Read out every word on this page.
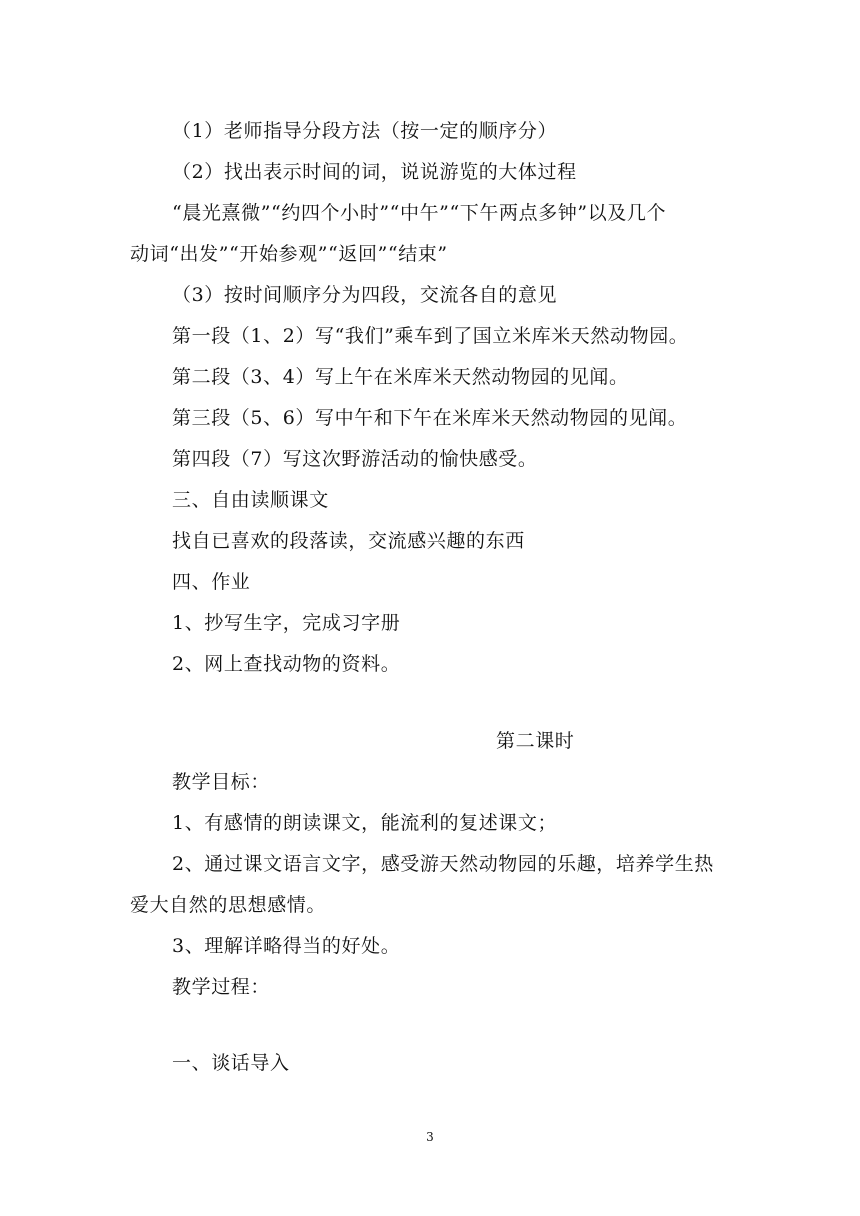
（1）老师指导分段方法（按一定的顺序分）
（2）找出表示时间的词，说说游览的大体过程
“晨光熹微”“约四个小时”“中午”“下午两点多钟”以及几个
动词“出发”“开始参观”“返回”“结束”
（3）按时间顺序分为四段，交流各自的意见
第一段（1、2）写“我们”乘车到了国立米库米天然动物园。
第二段（3、4）写上午在米库米天然动物园的见闻。
第三段（5、6）写中午和下午在米库米天然动物园的见闻。
第四段（7）写这次野游活动的愉快感受。
三、自由读顺课文
找自已喜欢的段落读，交流感兴趣的东西
四、作业
1、抄写生字，完成习字册
2、网上查找动物的资料。
第二课时
教学目标：
1、有感情的朗读课文，能流利的复述课文；
2、通过课文语言文字，感受游天然动物园的乐趣，培养学生热
爱大自然的思想感情。
3、理解详略得当的好处。
教学过程：
一、谈话导入
3
